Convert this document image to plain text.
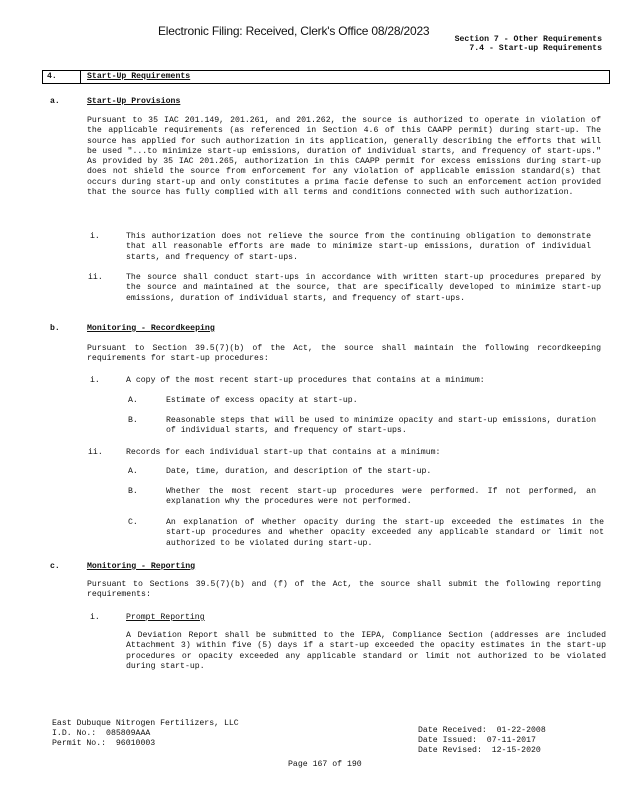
Electronic Filing: Received, Clerk's Office 08/28/2023
Section 7 - Other Requirements
7.4 - Start-up Requirements
4.	Start-Up Requirements
a.	Start-Up Provisions

Pursuant to 35 IAC 201.149, 201.261, and 201.262, the source is authorized to operate in violation of the applicable requirements (as referenced in Section 4.6 of this CAAPP permit) during start-up. The source has applied for such authorization in its application, generally describing the efforts that will be used "...to minimize start-up emissions, duration of individual starts, and frequency of start-ups." As provided by 35 IAC 201.265, authorization in this CAAPP permit for excess emissions during start-up does not shield the source from enforcement for any violation of applicable emission standard(s) that occurs during start-up and only constitutes a prima facie defense to such an enforcement action provided that the source has fully complied with all terms and conditions connected with such authorization.

i.	This authorization does not relieve the source from the continuing obligation to demonstrate that all reasonable efforts are made to minimize start-up emissions, duration of individual starts, and frequency of start-ups.

ii.	The source shall conduct start-ups in accordance with written start-up procedures prepared by the source and maintained at the source, that are specifically developed to minimize start-up emissions, duration of individual starts, and frequency of start-ups.

b.	Monitoring - Recordkeeping

Pursuant to Section 39.5(7)(b) of the Act, the source shall maintain the following recordkeeping requirements for start-up procedures:

i.	A copy of the most recent start-up procedures that contains at a minimum:

A.	Estimate of excess opacity at start-up.

B.	Reasonable steps that will be used to minimize opacity and start-up emissions, duration of individual starts, and frequency of start-ups.

ii.	Records for each individual start-up that contains at a minimum:

A.	Date, time, duration, and description of the start-up.

B.	Whether the most recent start-up procedures were performed. If not performed, an explanation why the procedures were not performed.

C.	An explanation of whether opacity during the start-up exceeded the estimates in the start-up procedures and whether opacity exceeded any applicable standard or limit not authorized to be violated during start-up.

c.	Monitoring - Reporting

Pursuant to Sections 39.5(7)(b) and (f) of the Act, the source shall submit the following reporting requirements:

i.	Prompt Reporting

A Deviation Report shall be submitted to the IEPA, Compliance Section (addresses are included Attachment 3) within five (5) days if a start-up exceeded the opacity estimates in the start-up procedures or opacity exceeded any applicable standard or limit not authorized to be violated during start-up.

East Dubuque Nitrogen Fertilizers, LLC
I.D. No.:  085809AAA
Permit No.:  96010003
Date Received:  01-22-2008
Date Issued:  07-11-2017
Date Revised:  12-15-2020
Page 167 of 190
